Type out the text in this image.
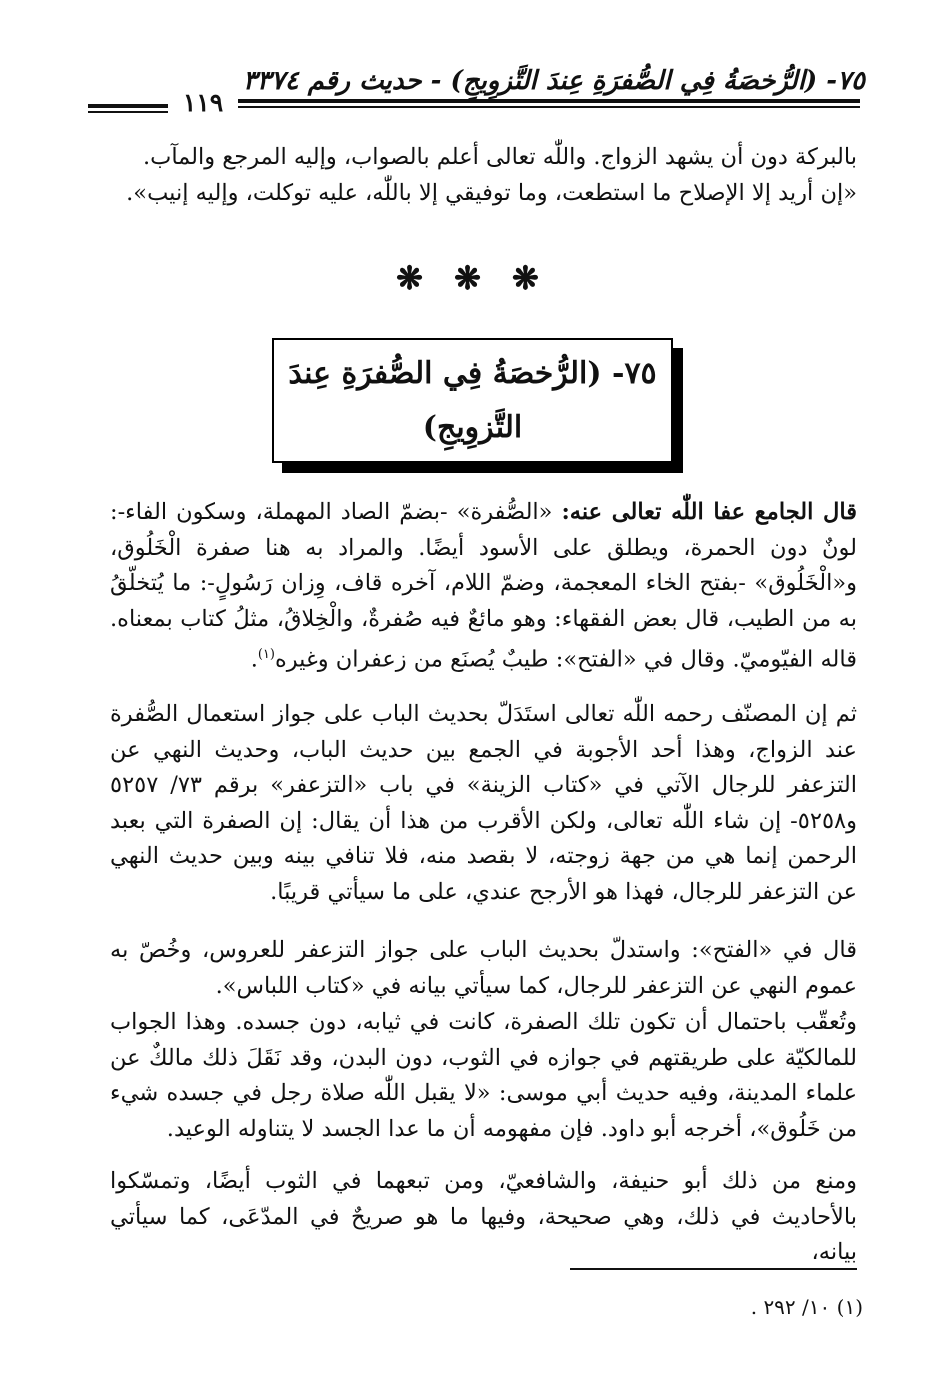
٧٥- (الرُّخصَةُ فِي الصُّفرَةِ عِندَ التَّزوِيجِ) - حديث رقم ٣٣٧٤
١١٩
بالبركة دون أن يشهد الزواج. واللّٰه تعالى أعلم بالصواب، وإليه المرجع والمآب.
«إن أريد إلا الإصلاح ما استطعت، وما توفيقي إلا باللّٰه، عليه توكلت، وإليه إنيب».
❋ ❋ ❋
٧٥- (الرُّخصَةُ فِي الصُّفرَةِ عِندَ
التَّزوِيجِ)
قال الجامع عفا اللّٰه تعالى عنه: «الصُّفرة» -بضمّ الصاد المهملة، وسكون الفاء-: لونٌ دون الحمرة، ويطلق على الأسود أيضًا. والمراد به هنا صفرة الْخَلُوق، و«الْخَلُوق» -بفتح الخاء المعجمة، وضمّ اللام، آخره قاف، وِزان رَسُولٍ-: ما يُتخلّقُ به من الطيب، قال بعض الفقهاء: وهو مائعٌ فيه صُفرةٌ، والْخِلاقُ، مثلُ كتاب بمعناه. قاله الفيّوميّ. وقال في «الفتح»: طيبٌ يُصنَع من زعفران وغيره$^{(١)}$.
ثم إن المصنّف رحمه اللّٰه تعالى استَدَلّ بحديث الباب على جواز استعمال الصُّفرة عند الزواج، وهذا أحد الأجوبة في الجمع بين حديث الباب، وحديث النهي عن التزعفر للرجال الآتي في «كتاب الزينة» في باب «التزعفر» برقم ٧٣/ ٥٢٥٧ و٥٢٥٨- إن شاء اللّٰه تعالى، ولكن الأقرب من هذا أن يقال: إن الصفرة التي بعبد الرحمن إنما هي من جهة زوجته، لا بقصد منه، فلا تنافي بينه وبين حديث النهي عن التزعفر للرجال، فهذا هو الأرجح عندي، على ما سيأتي قريبًا.
قال في «الفتح»: واستدلّ بحديث الباب على جواز التزعفر للعروس، وخُصّ به عموم النهي عن التزعفر للرجال، كما سيأتي بيانه في «كتاب اللباس».
وتُعقّب باحتمال أن تكون تلك الصفرة، كانت في ثيابه، دون جسده. وهذا الجواب للمالكيّة على طريقتهم في جوازه في الثوب، دون البدن، وقد نَقَلَ ذلك مالكٌ عن علماء المدينة، وفيه حديث أبي موسى: «لا يقبل اللّٰه صلاة رجل في جسده شيء من خَلُوق»، أخرجه أبو داود. فإن مفهومه أن ما عدا الجسد لا يتناوله الوعيد.
ومنع من ذلك أبو حنيفة، والشافعيّ، ومن تبعهما في الثوب أيضًا، وتمسّكوا بالأحاديث في ذلك، وهي صحيحة، وفيها ما هو صريحٌ في المدّعَى، كما سيأتي بيانه،
(١) ١٠/ ٢٩٢ .
